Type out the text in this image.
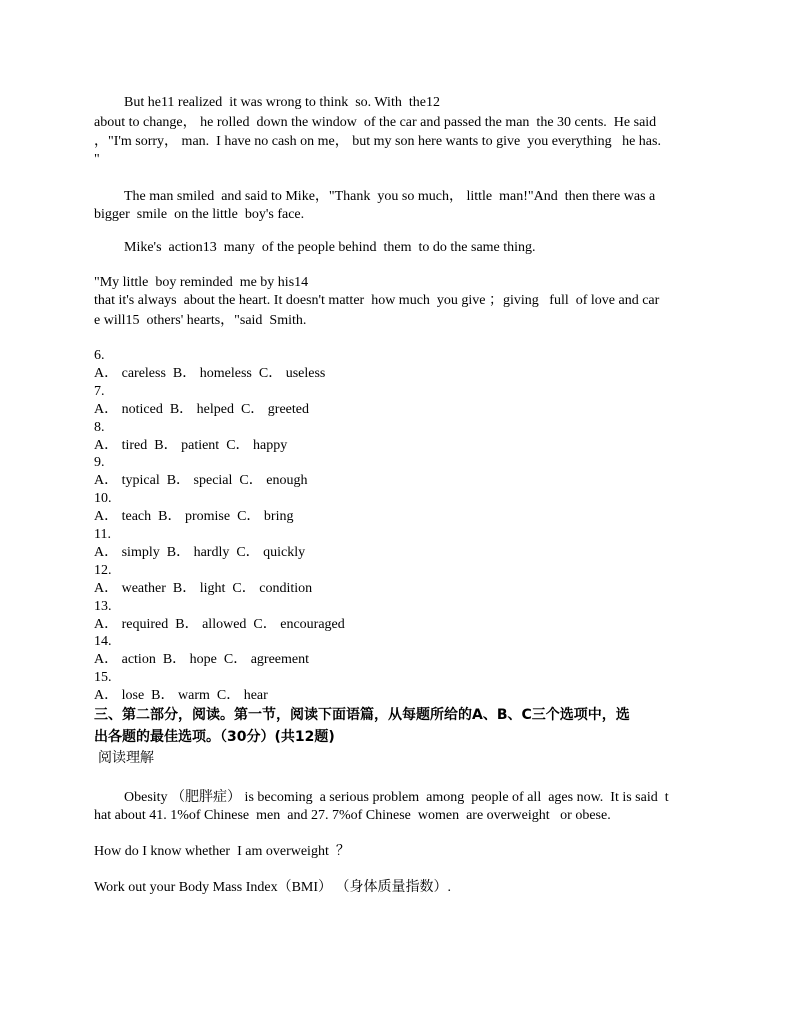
But he11 realized  it was wrong to think  so. With  the12
about to change， he rolled  down the window  of the car and passed the man  the 30 cents.  He said
，"I'm sorry， man.  I have no cash on me， but my son here wants to give  you everything   he has.
"
The man smiled  and said to Mike，"Thank  you so much， little  man!"And  then there was a
bigger  smile  on the little  boy's face.
Mike's  action13  many  of the people behind  them  to do the same thing.
"My little  boy reminded  me by his14
that it's always  about the heart. It doesn't matter  how much  you give ；giving   full  of love and car
e will15  others' hearts，"said  Smith.
6.
A． careless  B． homeless  C． useless
7.
A． noticed  B． helped  C． greeted
8.
A． tired  B． patient  C． happy
9.
A． typical  B． special  C． enough
10.
A． teach  B． promise  C． bring
11.
A． simply  B． hardly  C． quickly
12.
A． weather  B． light  C． condition
13.
A． required  B． allowed  C． encouraged
14.
A． action  B． hope  C． agreement
15.
A． lose  B． warm  C． hear
三、第二部分，阅读。第一节，阅读下面语篇，从每题所给的A、B、C三个选项中，选
出各题的最佳选项。（30分）(共12题)
阅读理解
Obesity （肥胖症） is becoming  a serious problem  among  people of all  ages now.  It is said  t
hat about 41. 1%of Chinese  men  and 27. 7%of Chinese  women  are overweight   or obese.
How do I know whether  I am overweight  ？
Work out your Body Mass Index（BMI） （身体质量指数）.
